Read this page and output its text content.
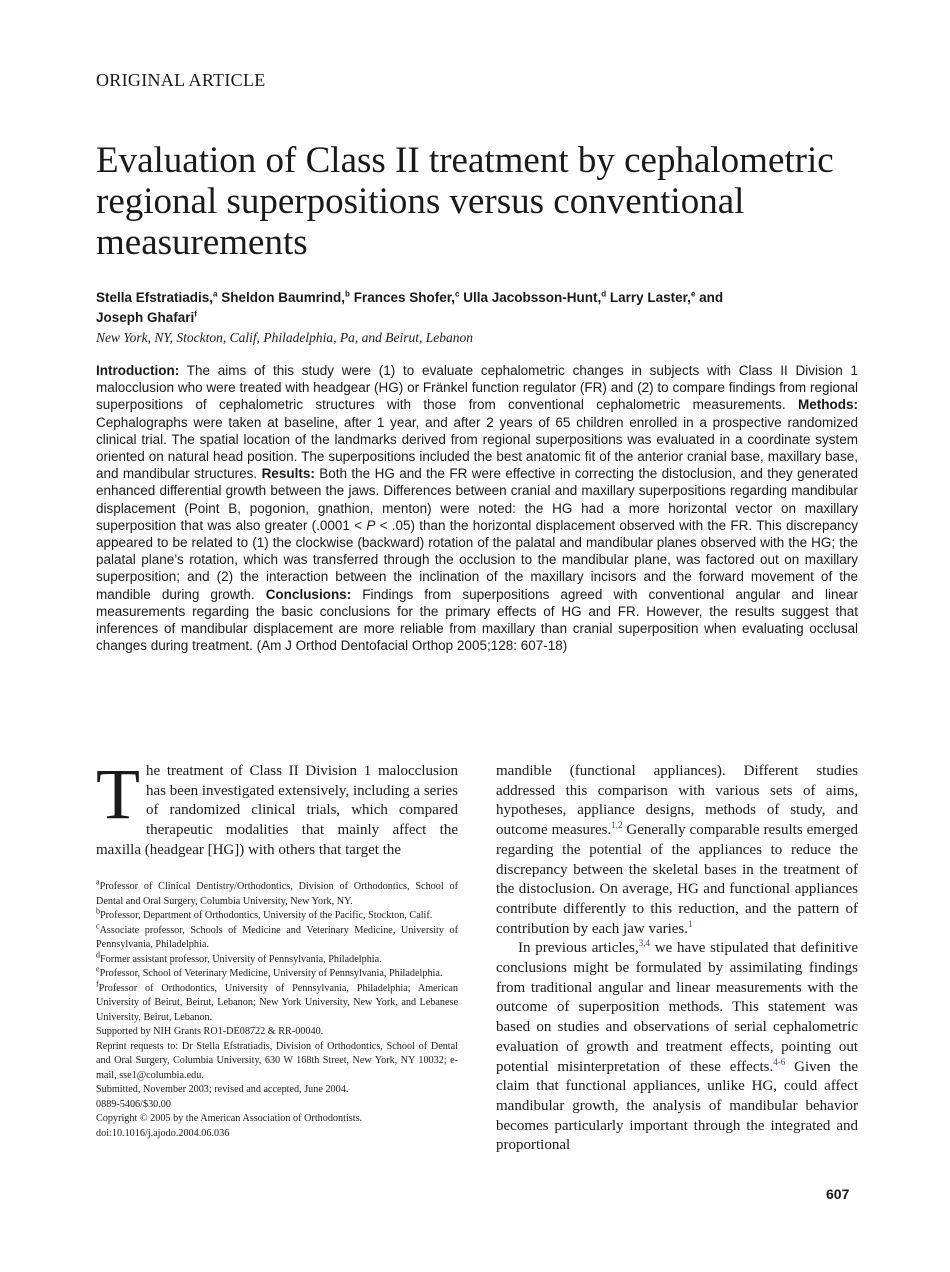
ORIGINAL ARTICLE
Evaluation of Class II treatment by cephalometric regional superpositions versus conventional measurements
Stella Efstratiadis,$^a$ Sheldon Baumrind,$^b$ Frances Shofer,$^c$ Ulla Jacobsson-Hunt,$^d$ Larry Laster,$^e$ and
Joseph Ghafari$^f$
New York, NY, Stockton, Calif, Philadelphia, Pa, and Beirut, Lebanon
Introduction: The aims of this study were (1) to evaluate cephalometric changes in subjects with Class II Division 1 malocclusion who were treated with headgear (HG) or Fränkel function regulator (FR) and (2) to compare findings from regional superpositions of cephalometric structures with those from conventional cephalometric measurements. Methods: Cephalographs were taken at baseline, after 1 year, and after 2 years of 65 children enrolled in a prospective randomized clinical trial. The spatial location of the landmarks derived from regional superpositions was evaluated in a coordinate system oriented on natural head position. The superpositions included the best anatomic fit of the anterior cranial base, maxillary base, and mandibular structures. Results: Both the HG and the FR were effective in correcting the distoclusion, and they generated enhanced differential growth between the jaws. Differences between cranial and maxillary superpositions regarding mandibular displacement (Point B, pogonion, gnathion, menton) were noted: the HG had a more horizontal vector on maxillary superposition that was also greater (.0001 < P < .05) than the horizontal displacement observed with the FR. This discrepancy appeared to be related to (1) the clockwise (backward) rotation of the palatal and mandibular planes observed with the HG; the palatal plane’s rotation, which was transferred through the occlusion to the mandibular plane, was factored out on maxillary superposition; and (2) the interaction between the inclination of the maxillary incisors and the forward movement of the mandible during growth. Conclusions: Findings from superpositions agreed with conventional angular and linear measurements regarding the basic conclusions for the primary effects of HG and FR. However, the results suggest that inferences of mandibular displacement are more reliable from maxillary than cranial superposition when evaluating occlusal changes during treatment. (Am J Orthod Dentofacial Orthop 2005;128: 607-18)

The treatment of Class II Division 1 malocclusion has been investigated extensively, including a series of randomized clinical trials, which compared therapeutic modalities that mainly affect the maxilla (headgear [HG]) with others that target the

$^a$Professor of Clinical Dentistry/Orthodontics, Division of Orthodontics, School of Dental and Oral Surgery, Columbia University, New York, NY.

$^b$Professor, Department of Orthodontics, University of the Pacific, Stockton, Calif.

$^c$Associate professor, Schools of Medicine and Veterinary Medicine, University of Pennsylvania, Philadelphia.

$^d$Former assistant professor, University of Pennsylvania, Philadelphia.

$^e$Professor, School of Veterinary Medicine, University of Pennsylvania, Philadelphia.

$^f$Professor of Orthodontics, University of Pennsylvania, Philadelphia; American University of Beirut, Beirut, Lebanon; New York University, New York, and Lebanese University, Beirut, Lebanon.

Supported by NIH Grants RO1-DE08722 & RR-00040.

Reprint requests to: Dr Stella Efstratiadis, Division of Orthodontics, School of Dental and Oral Surgery, Columbia University, 630 W 168th Street, New York, NY 10032; e-mail, sse1@columbia.edu.

Submitted, November 2003; revised and accepted, June 2004.

0889-5406/$30.00

Copyright © 2005 by the American Association of Orthodontists.

doi:10.1016/j.ajodo.2004.06.036

mandible (functional appliances). Different studies addressed this comparison with various sets of aims, hypotheses, appliance designs, methods of study, and outcome measures.$^{1,2}$ Generally comparable results emerged regarding the potential of the appliances to reduce the discrepancy between the skeletal bases in the treatment of the distoclusion. On average, HG and functional appliances contribute differently to this reduction, and the pattern of contribution by each jaw varies.$^1$

In previous articles,$^{3,4}$ we have stipulated that definitive conclusions might be formulated by assimilating findings from traditional angular and linear measurements with the outcome of superposition methods. This statement was based on studies and observations of serial cephalometric evaluation of growth and treatment effects, pointing out potential misinterpretation of these effects.$^{4-6}$ Given the claim that functional appliances, unlike HG, could affect mandibular growth, the analysis of mandibular behavior becomes particularly important through the integrated and proportional

607
